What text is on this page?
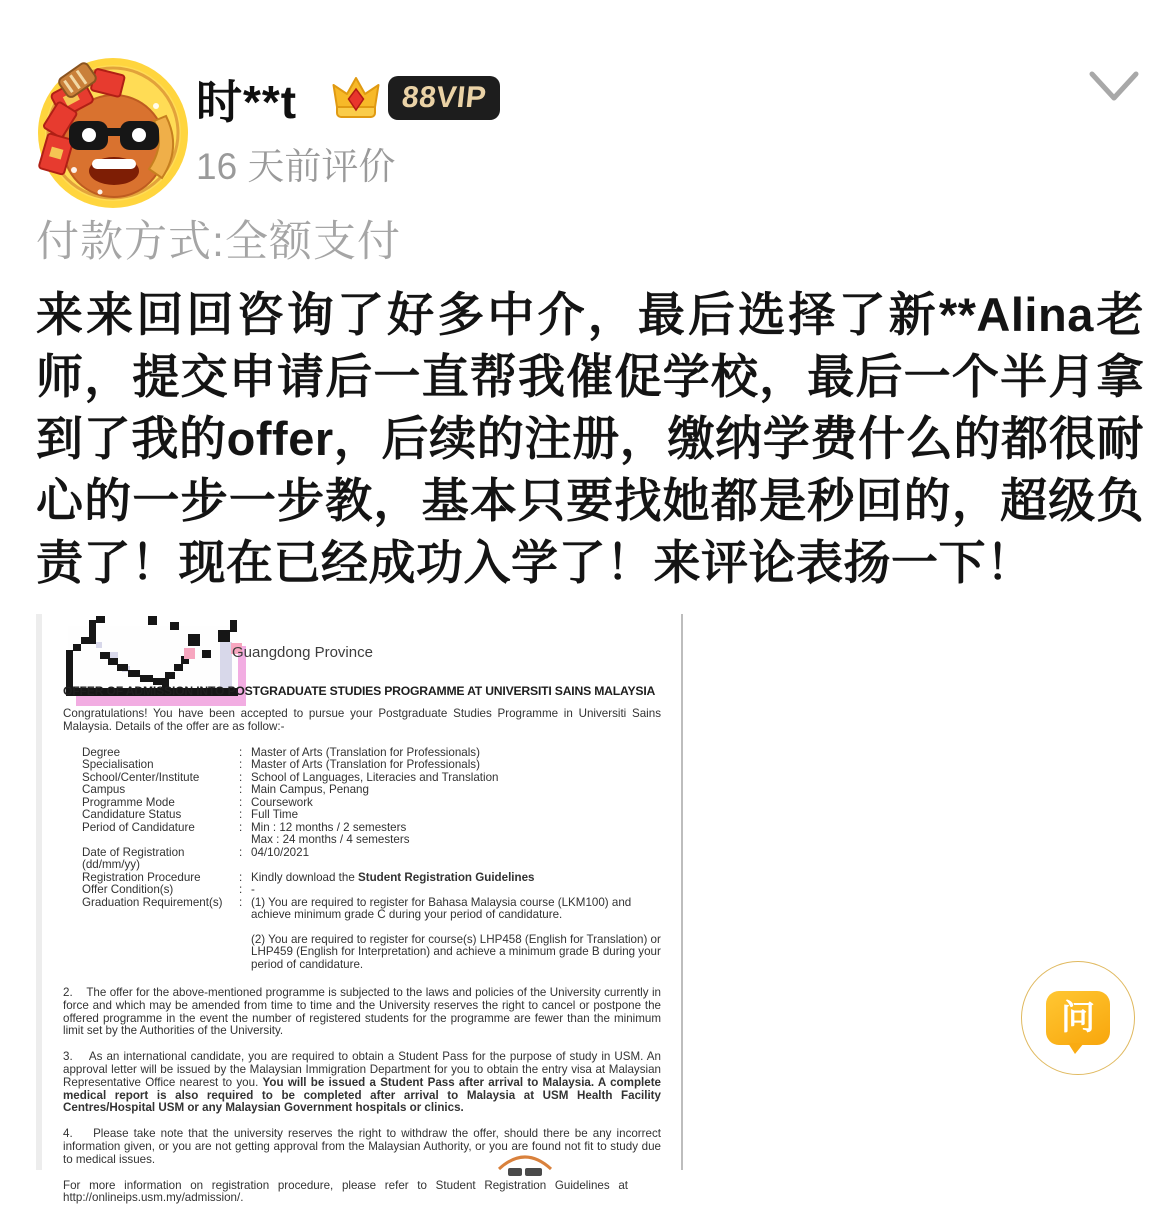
时**t	88VIP
16 天前评价
付款方式:全额支付
来来回回咨询了好多中介，最后选择了新**Alina老师，提交申请后一直帮我催促学校，最后一个半月拿到了我的offer，后续的注册，缴纳学费什么的都很耐心的一步一步教，基本只要找她都是秒回的，超级负责了！现在已经成功入学了！来评论表扬一下！
Guangdong Province

OFFER OF ADMISSION INTO POSTGRADUATE STUDIES PROGRAMME AT UNIVERSITI SAINS MALAYSIA

Congratulations! You have been accepted to pursue your Postgraduate Studies Programme in Universiti Sains Malaysia. Details of the offer are as follow:-

Degree	: Master of Arts (Translation for Professionals)
Specialisation	: Master of Arts (Translation for Professionals)
School/Center/Institute	: School of Languages, Literacies and Translation
Campus	: Main Campus, Penang
Programme Mode	: Coursework
Candidature Status	: Full Time
Period of Candidature	: Min : 12 months / 2 semesters
Max : 24 months / 4 semesters
Date of Registration (dd/mm/yy)
: 04/10/2021
Registration Procedure	: Kindly download the Student Registration Guidelines
Offer Condition(s)	: -
Graduation Requirement(s)	: (1) You are required to register for Bahasa Malaysia course (LKM100) and achieve minimum grade C during your period of candidature.
(2) You are required to register for course(s) LHP458 (English for Translation) or LHP459 (English for Interpretation) and achieve a minimum grade B during your period of candidature.

2.    The offer for the above-mentioned programme is subjected to the laws and policies of the University currently in force and which may be amended from time to time and the University reserves the right to cancel or postpone the offered programme in the event the number of registered students for the programme are fewer than the minimum limit set by the Authorities of the University.

3.    As an international candidate, you are required to obtain a Student Pass for the purpose of study in USM. An approval letter will be issued by the Malaysian Immigration Department for you to obtain the entry visa at Malaysian Representative Office nearest to you. You will be issued a Student Pass after arrival to Malaysia. A complete medical report is also required to be completed after arrival to Malaysia at USM Health Facility Centres/Hospital USM or any Malaysian Government hospitals or clinics.

4.    Please take note that the university reserves the right to withdraw the offer, should there be any incorrect information given, or you are not getting approval from the Malaysian Authority, or you are found not fit to study due to medical issues.

For more information on registration procedure, please refer to Student Registration Guidelines at http://onlineips.usm.my/admission/.

问
